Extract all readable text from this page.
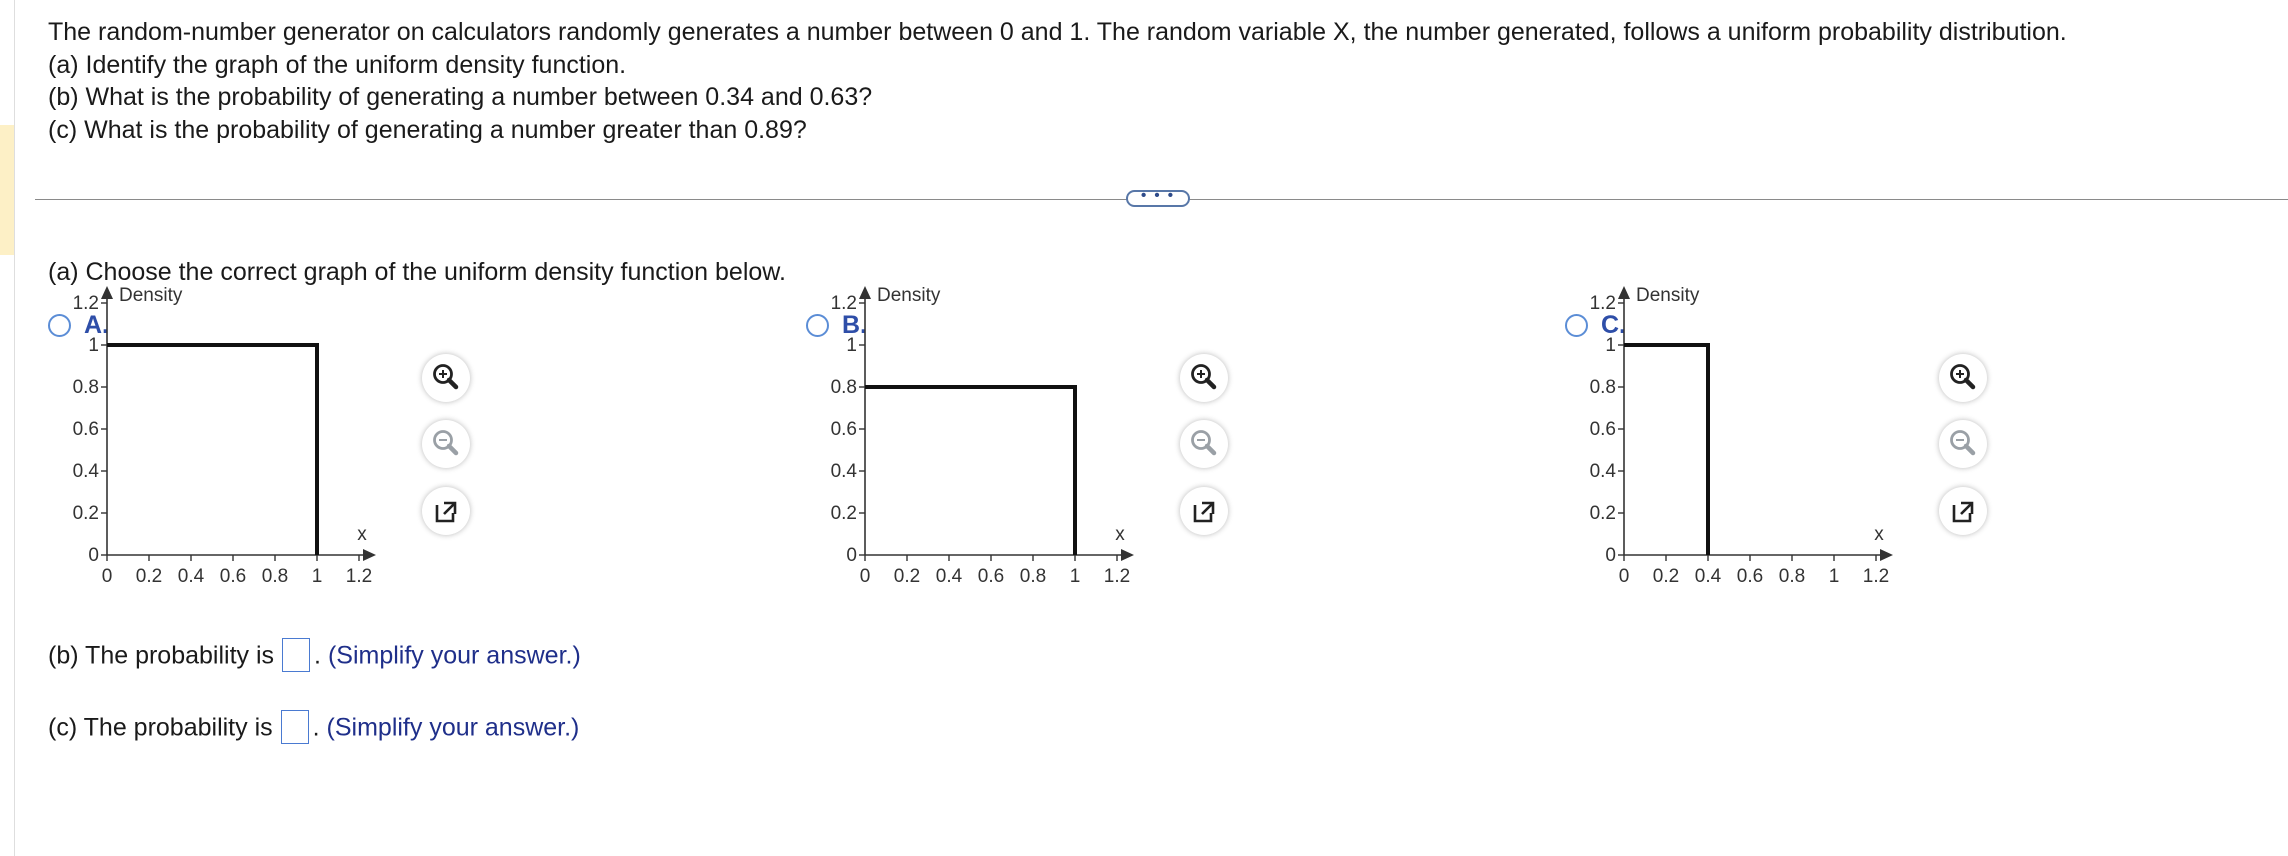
The random-number generator on calculators randomly generates a number between 0 and 1. The random variable X, the number generated, follows a uniform probability distribution.
(a) Identify the graph of the uniform density function.
(b) What is the probability of generating a number between 0.34 and 0.63?
(c) What is the probability of generating a number greater than 0.89?
• • •
(a) Choose the correct graph of the uniform density function below.
A.
0
0.2
0.4
0.6
0.8
1
1.2
0 0.2 0.4 0.6 0.8 1 1.2
Density
x
B.
0
0.2
0.4
0.6
0.8
1
1.2
0 0.2 0.4 0.6 0.8 1 1.2
Density
x
C.
0
0.2
0.4
0.6
0.8
1
1.2
0 0.2 0.4 0.6 0.8 1 1.2
Density
x
(b) The probability is . (Simplify your answer.)
(c) The probability is . (Simplify your answer.)
